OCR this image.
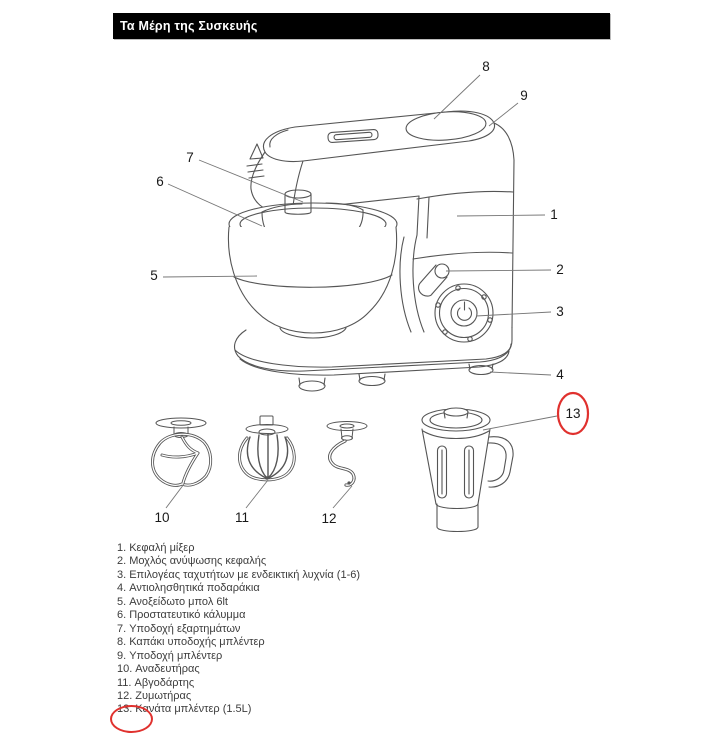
Τα Μέρη της Συσκευής
1
2
3
4
5
6
7
8
9
10	11	12
13
1. Κεφαλή μίξερ
2. Μοχλός ανύψωσης κεφαλής
3. Επιλογέας ταχυτήτων με ενδεικτική λυχνία (1-6)
4. Αντιολησθητικά ποδαράκια
5. Ανοξείδωτο μπολ 6lt
6. Προστατευτικό κάλυμμα
7. Υποδοχή εξαρτημάτων
8. Καπάκι υποδοχής μπλέντερ
9. Υποδοχή μπλέντερ
10. Αναδευτήρας
11. Αβγοδάρτης
12. Ζυμωτήρας
13. Κανάτα μπλέντερ (1.5L)
